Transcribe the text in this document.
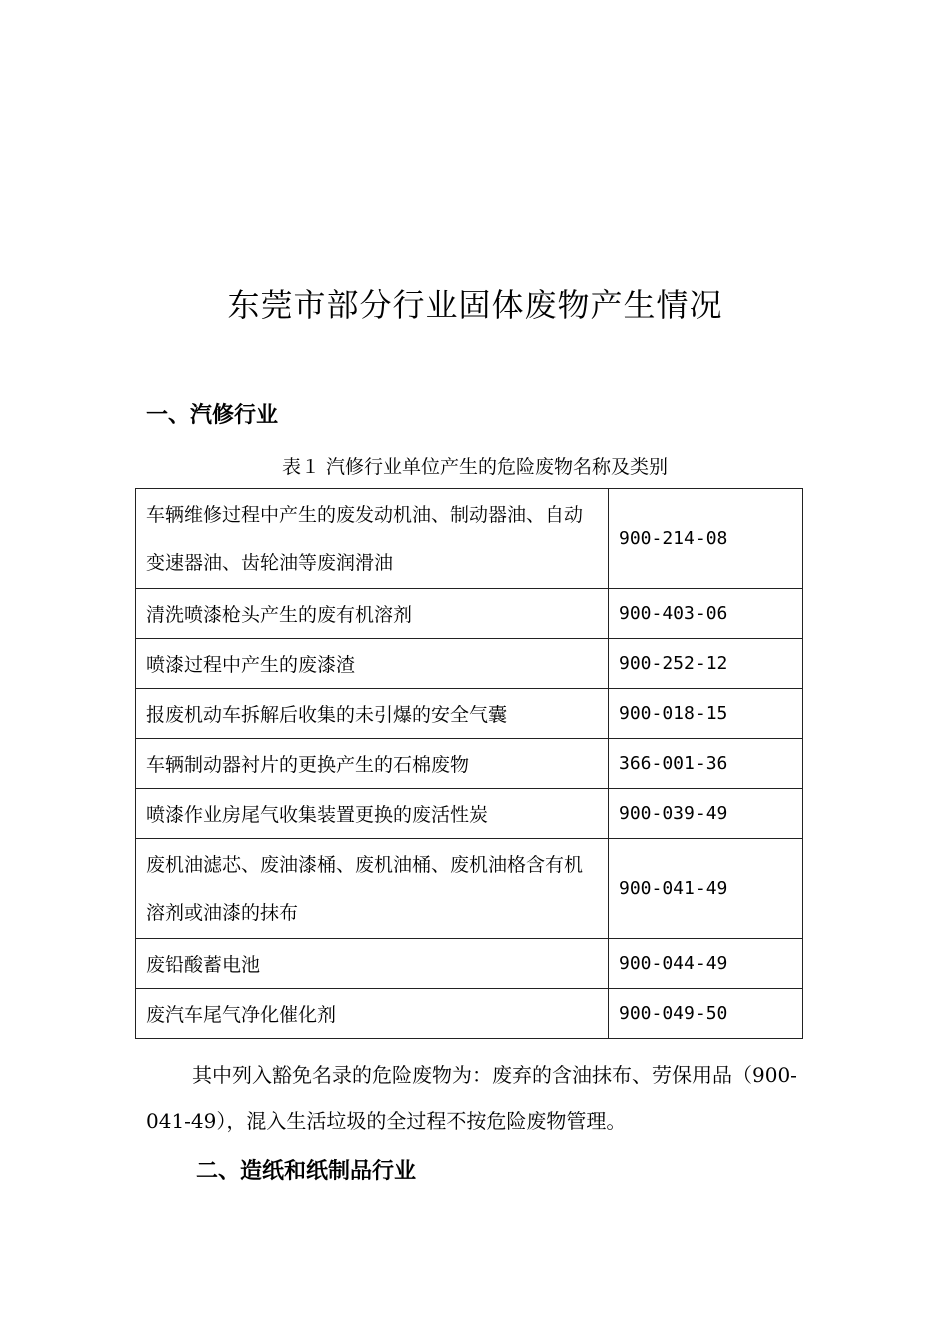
东莞市部分行业固体废物产生情况
一、汽修行业
表１ 汽修行业单位产生的危险废物名称及类别
车辆维修过程中产生的废发动机油、制动器油、自动变速器油、齿轮油等废润滑油	900-214-08
清洗喷漆枪头产生的废有机溶剂	900-403-06
喷漆过程中产生的废漆渣	900-252-12
报废机动车拆解后收集的未引爆的安全气囊	900-018-15
车辆制动器衬片的更换产生的石棉废物	366-001-36
喷漆作业房尾气收集装置更换的废活性炭	900-039-49
废机油滤芯、废油漆桶、废机油桶、废机油格含有机溶剂或油漆的抹布	900-041-49
废铅酸蓄电池	900-044-49
废汽车尾气净化催化剂	900-049-50
其中列入豁免名录的危险废物为：废弃的含油抹布、劳保用品（900-041-49），混入生活垃圾的全过程不按危险废物管理。
二、造纸和纸制品行业
